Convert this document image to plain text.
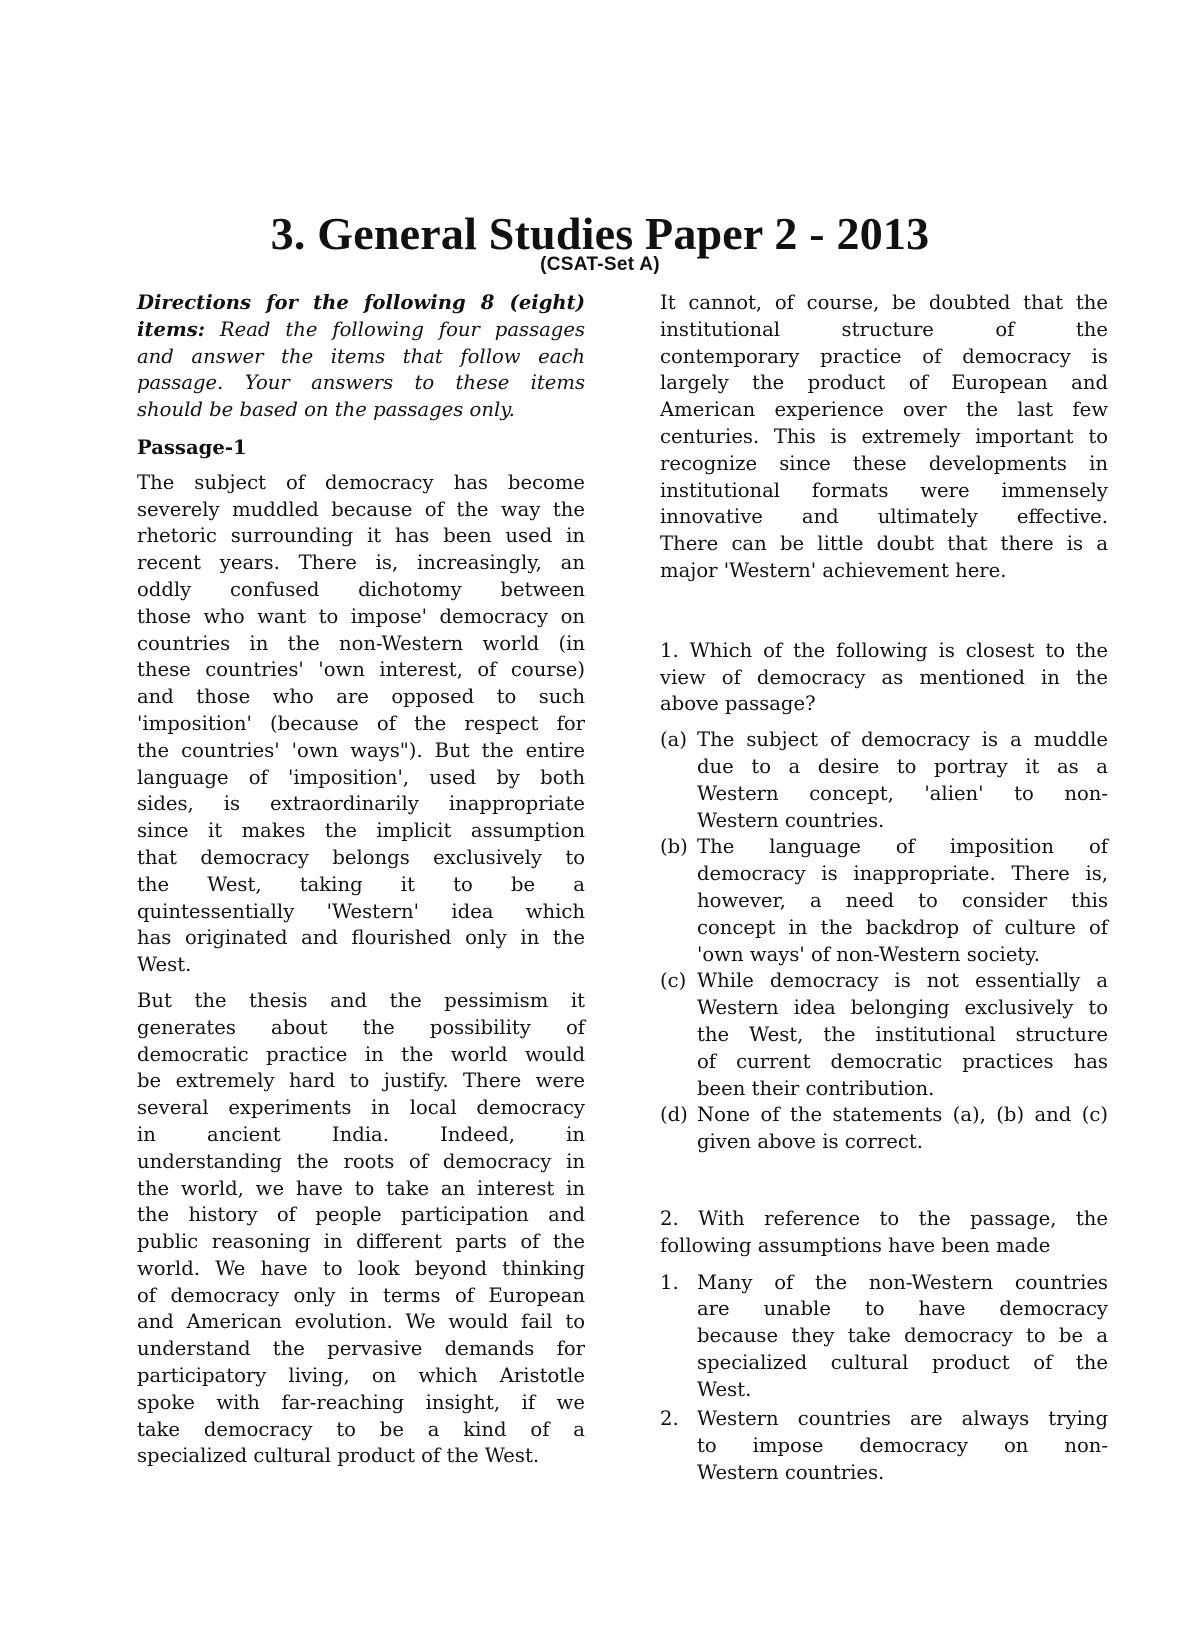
3. General Studies Paper 2 - 2013
(CSAT-Set A)
Directions for the following 8 (eight)
items: Read the following four passages
and answer the items that follow each
passage. Your answers to these items
should be based on the passages only.
Passage-1
The subject of democracy has become
severely muddled because of the way the
rhetoric surrounding it has been used in
recent years. There is, increasingly, an
oddly confused dichotomy between
those who want to impose' democracy on
countries in the non-Western world (in
these countries' 'own interest, of course)
and those who are opposed to such
'imposition' (because of the respect for
the countries' 'own ways"). But the entire
language of 'imposition', used by both
sides, is extraordinarily inappropriate
since it makes the implicit assumption
that democracy belongs exclusively to
the West, taking it to be a
quintessentially 'Western' idea which
has originated and flourished only in the
West.
But the thesis and the pessimism it
generates about the possibility of
democratic practice in the world would
be extremely hard to justify. There were
several experiments in local democracy
in ancient India. Indeed, in
understanding the roots of democracy in
the world, we have to take an interest in
the history of people participation and
public reasoning in different parts of the
world. We have to look beyond thinking
of democracy only in terms of European
and American evolution. We would fail to
understand the pervasive demands for
participatory living, on which Aristotle
spoke with far-reaching insight, if we
take democracy to be a kind of a
specialized cultural product of the West.
It cannot, of course, be doubted that the
institutional structure of the
contemporary practice of democracy is
largely the product of European and
American experience over the last few
centuries. This is extremely important to
recognize since these developments in
institutional formats were immensely
innovative and ultimately effective.
There can be little doubt that there is a
major 'Western' achievement here.
1. Which of the following is closest to the
view of democracy as mentioned in the
above passage?
(a) The subject of democracy is a muddle
due to a desire to portray it as a
Western concept, 'alien' to non-
Western countries.
(b) The language of imposition of
democracy is inappropriate. There is,
however, a need to consider this
concept in the backdrop of culture of
'own ways' of non-Western society.
(c) While democracy is not essentially a
Western idea belonging exclusively to
the West, the institutional structure
of current democratic practices has
been their contribution.
(d) None of the statements (a), (b) and (c)
given above is correct.
2. With reference to the passage, the
following assumptions have been made
1. Many of the non-Western countries
are unable to have democracy
because they take democracy to be a
specialized cultural product of the
West.
2. Western countries are always trying
to impose democracy on non-
Western countries.
